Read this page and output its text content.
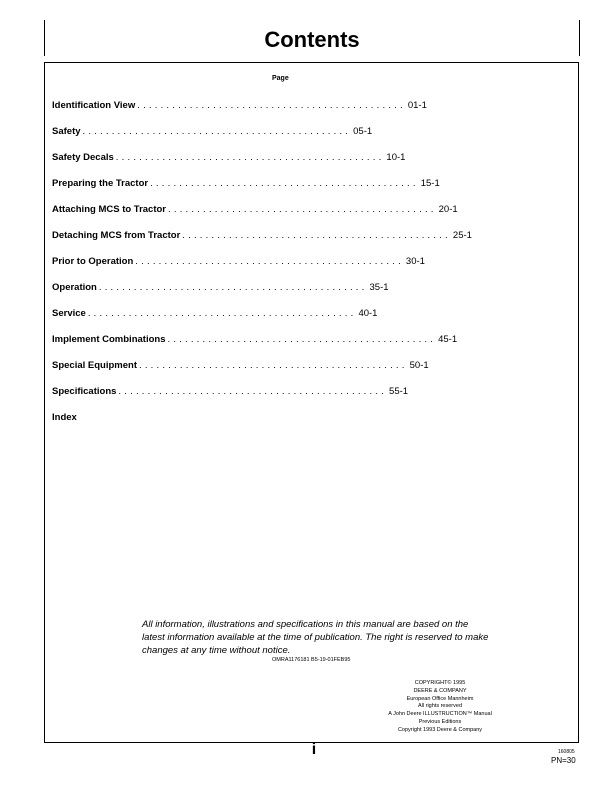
Contents
Page
Identification View .............................................. 01-1
Safety .............................................. 05-1
Safety Decals .............................................. 10-1
Preparing the Tractor .............................................. 15-1
Attaching MCS to Tractor .............................................. 20-1
Detaching MCS from Tractor .............................................. 25-1
Prior to Operation .............................................. 30-1
Operation .............................................. 35-1
Service .............................................. 40-1
Implement Combinations .............................................. 45-1
Special Equipment .............................................. 50-1
Specifications .............................................. 55-1
Index
All information, illustrations and specifications in this manual are based on the latest information available at the time of publication. The right is reserved to make changes at any time without notice.
OMRA1176181 B5-19-01FEB95
COPYRIGHT© 1995
DEERE & COMPANY
European Office Mannheim
All rights reserved
A John Deere ILLUSTRUCTION™ Manual
Previous Editions
Copyright 1993 Deere & Company
i	160805
PN=30
